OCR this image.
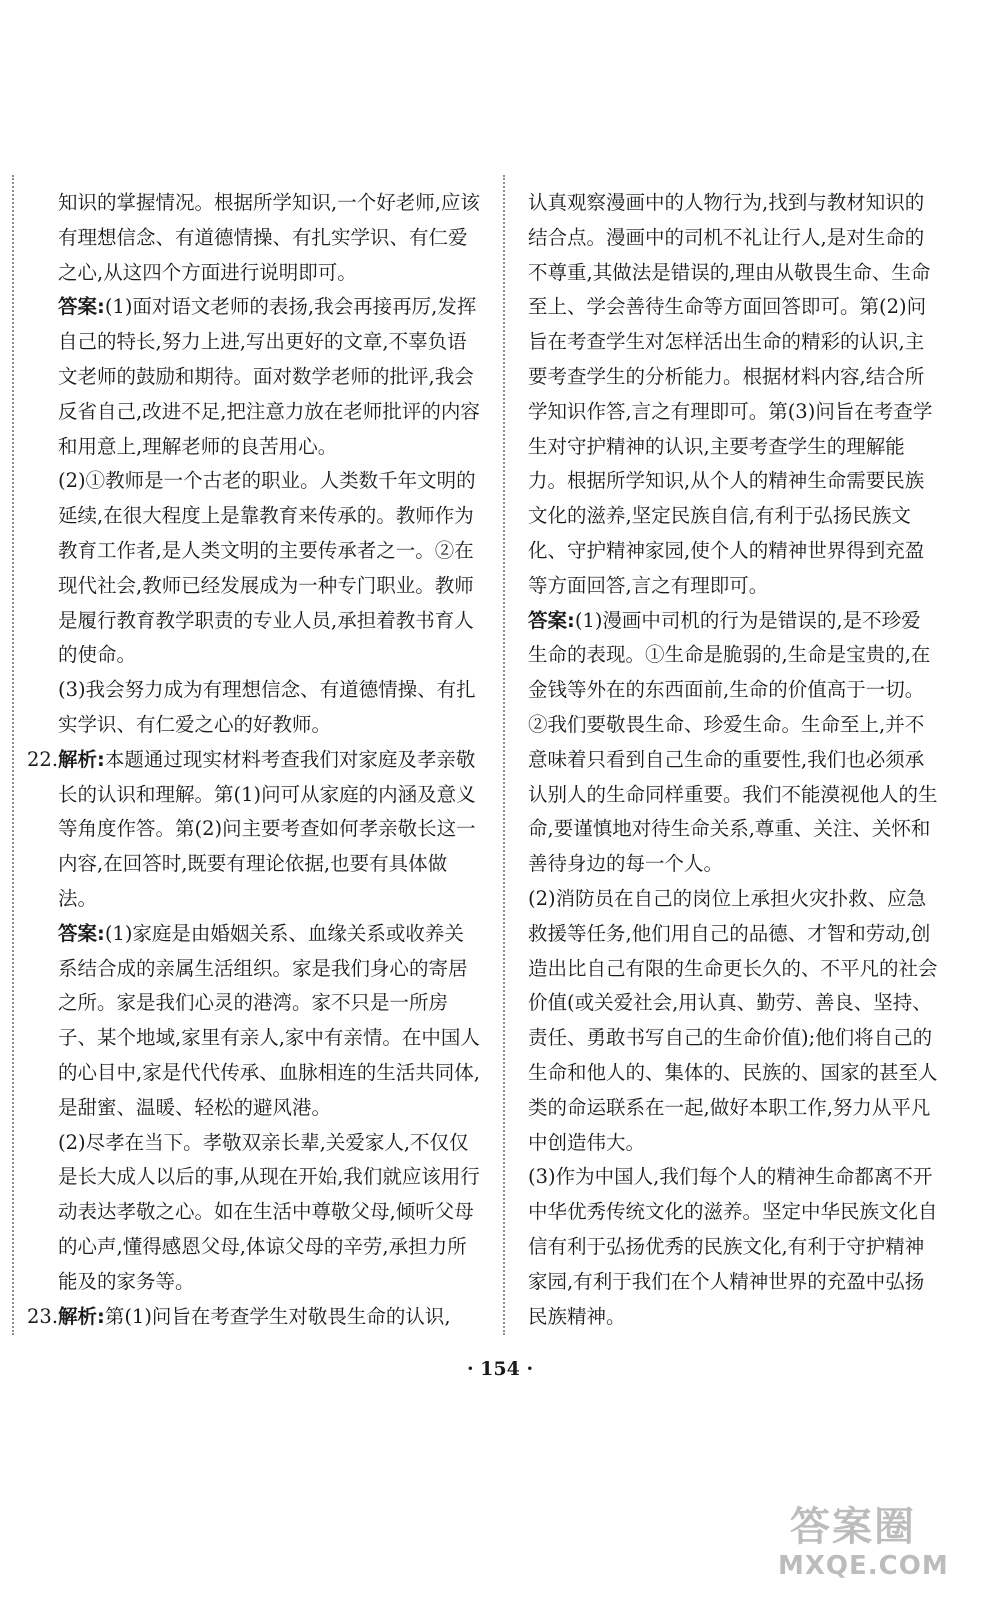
知识的掌握情况。根据所学知识,一个好老师,应该有理想信念、有道德情操、有扎实学识、有仁爱之心,从这四个方面进行说明即可。

答案:(1)面对语文老师的表扬,我会再接再厉,发挥自己的特长,努力上进,写出更好的文章,不辜负语文老师的鼓励和期待。面对数学老师的批评,我会反省自己,改进不足,把注意力放在老师批评的内容和用意上,理解老师的良苦用心。

(2)①教师是一个古老的职业。人类数千年文明的延续,在很大程度上是靠教育来传承的。教师作为教育工作者,是人类文明的主要传承者之一。②在现代社会,教师已经发展成为一种专门职业。教师是履行教育教学职责的专业人员,承担着教书育人的使命。

(3)我会努力成为有理想信念、有道德情操、有扎实学识、有仁爱之心的好教师。

22. 解析:本题通过现实材料考查我们对家庭及孝亲敬长的认识和理解。第(1)问可从家庭的内涵及意义等角度作答。第(2)问主要考查如何孝亲敬长这一内容,在回答时,既要有理论依据,也要有具体做法。

答案:(1)家庭是由婚姻关系、血缘关系或收养关系结合成的亲属生活组织。家是我们身心的寄居之所。家是我们心灵的港湾。家不只是一所房子、某个地域,家里有亲人,家中有亲情。在中国人的心目中,家是代代传承、血脉相连的生活共同体,是甜蜜、温暖、轻松的避风港。

(2)尽孝在当下。孝敬双亲长辈,关爱家人,不仅仅是长大成人以后的事,从现在开始,我们就应该用行动表达孝敬之心。如在生活中尊敬父母,倾听父母的心声,懂得感恩父母,体谅父母的辛劳,承担力所能及的家务等。

23. 解析:第(1)问旨在考查学生对敬畏生命的认识,

认真观察漫画中的人物行为,找到与教材知识的结合点。漫画中的司机不礼让行人,是对生命的不尊重,其做法是错误的,理由从敬畏生命、生命至上、学会善待生命等方面回答即可。第(2)问旨在考查学生对怎样活出生命的精彩的认识,主要考查学生的分析能力。根据材料内容,结合所学知识作答,言之有理即可。第(3)问旨在考查学生对守护精神的认识,主要考查学生的理解能力。根据所学知识,从个人的精神生命需要民族文化的滋养,坚定民族自信,有利于弘扬民族文化、守护精神家园,使个人的精神世界得到充盈等方面回答,言之有理即可。

答案:(1)漫画中司机的行为是错误的,是不珍爱生命的表现。①生命是脆弱的,生命是宝贵的,在金钱等外在的东西面前,生命的价值高于一切。②我们要敬畏生命、珍爱生命。生命至上,并不意味着只看到自己生命的重要性,我们也必须承认别人的生命同样重要。我们不能漠视他人的生命,要谨慎地对待生命关系,尊重、关注、关怀和善待身边的每一个人。

(2)消防员在自己的岗位上承担火灾扑救、应急救援等任务,他们用自己的品德、才智和劳动,创造出比自己有限的生命更长久的、不平凡的社会价值(或关爱社会,用认真、勤劳、善良、坚持、责任、勇敢书写自己的生命价值);他们将自己的生命和他人的、集体的、民族的、国家的甚至人类的命运联系在一起,做好本职工作,努力从平凡中创造伟大。

(3)作为中国人,我们每个人的精神生命都离不开中华优秀传统文化的滋养。坚定中华民族文化自信有利于弘扬优秀的民族文化,有利于守护精神家园,有利于我们在个人精神世界的充盈中弘扬民族精神。

· 154 ·
答案圈
MXQE.COM
